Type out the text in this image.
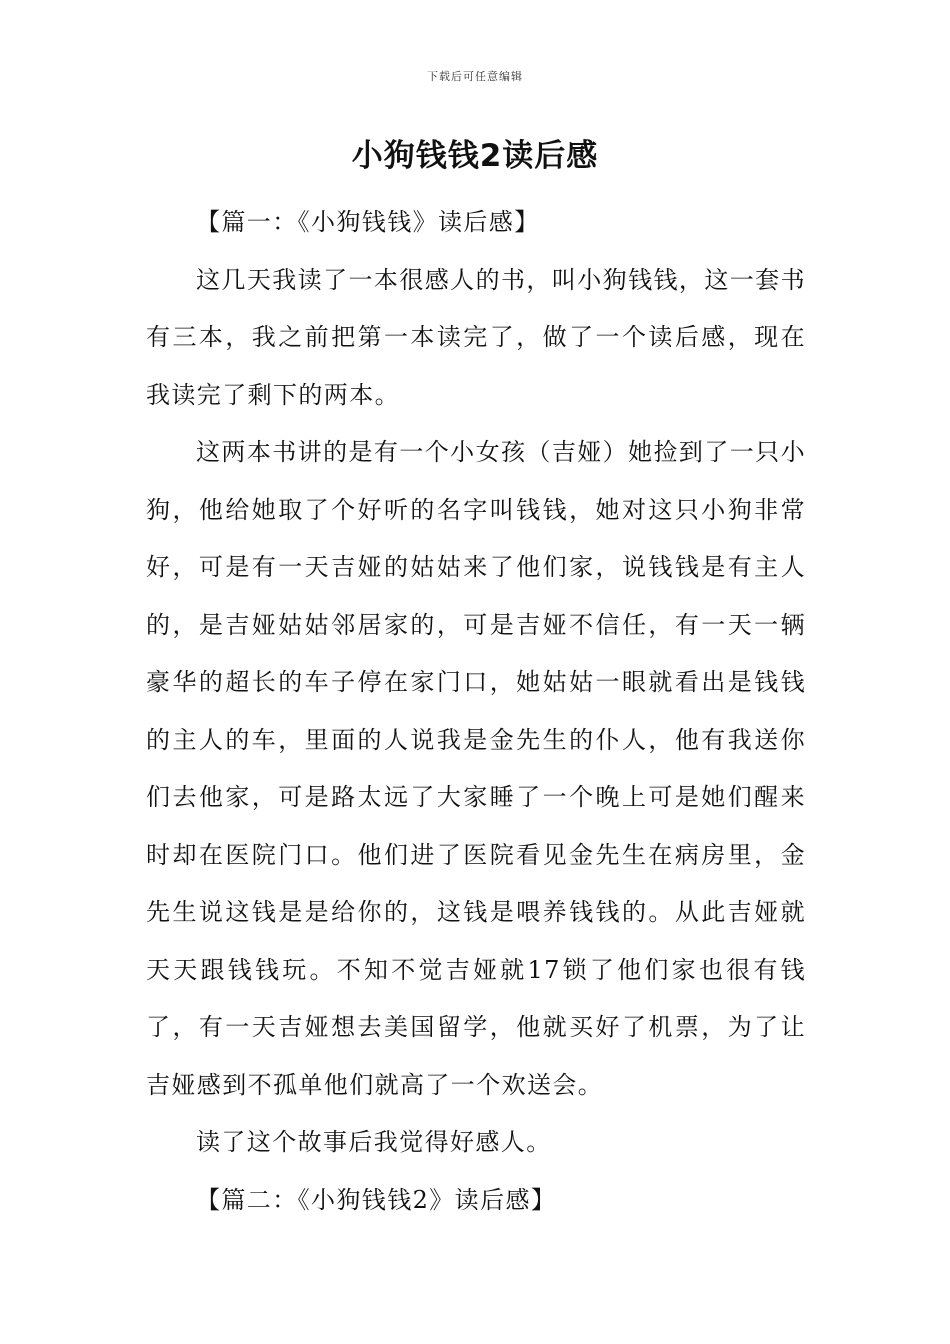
下载后可任意编辑
小狗钱钱2读后感

【篇一：《小狗钱钱》读后感】

这几天我读了一本很感人的书，叫小狗钱钱，这一套书有三本，我之前把第一本读完了，做了一个读后感，现在我读完了剩下的两本。

这两本书讲的是有一个小女孩（吉娅）她捡到了一只小狗，他给她取了个好听的名字叫钱钱，她对这只小狗非常好，可是有一天吉娅的姑姑来了他们家，说钱钱是有主人的，是吉娅姑姑邻居家的，可是吉娅不信任，有一天一辆豪华的超长的车子停在家门口，她姑姑一眼就看出是钱钱的主人的车，里面的人说我是金先生的仆人，他有我送你们去他家，可是路太远了大家睡了一个晚上可是她们醒来时却在医院门口。他们进了医院看见金先生在病房里，金先生说这钱是是给你的，这钱是喂养钱钱的。从此吉娅就天天跟钱钱玩。不知不觉吉娅就17锁了他们家也很有钱了，有一天吉娅想去美国留学，他就买好了机票，为了让吉娅感到不孤单他们就高了一个欢送会。

读了这个故事后我觉得好感人。

【篇二：《小狗钱钱2》读后感】
